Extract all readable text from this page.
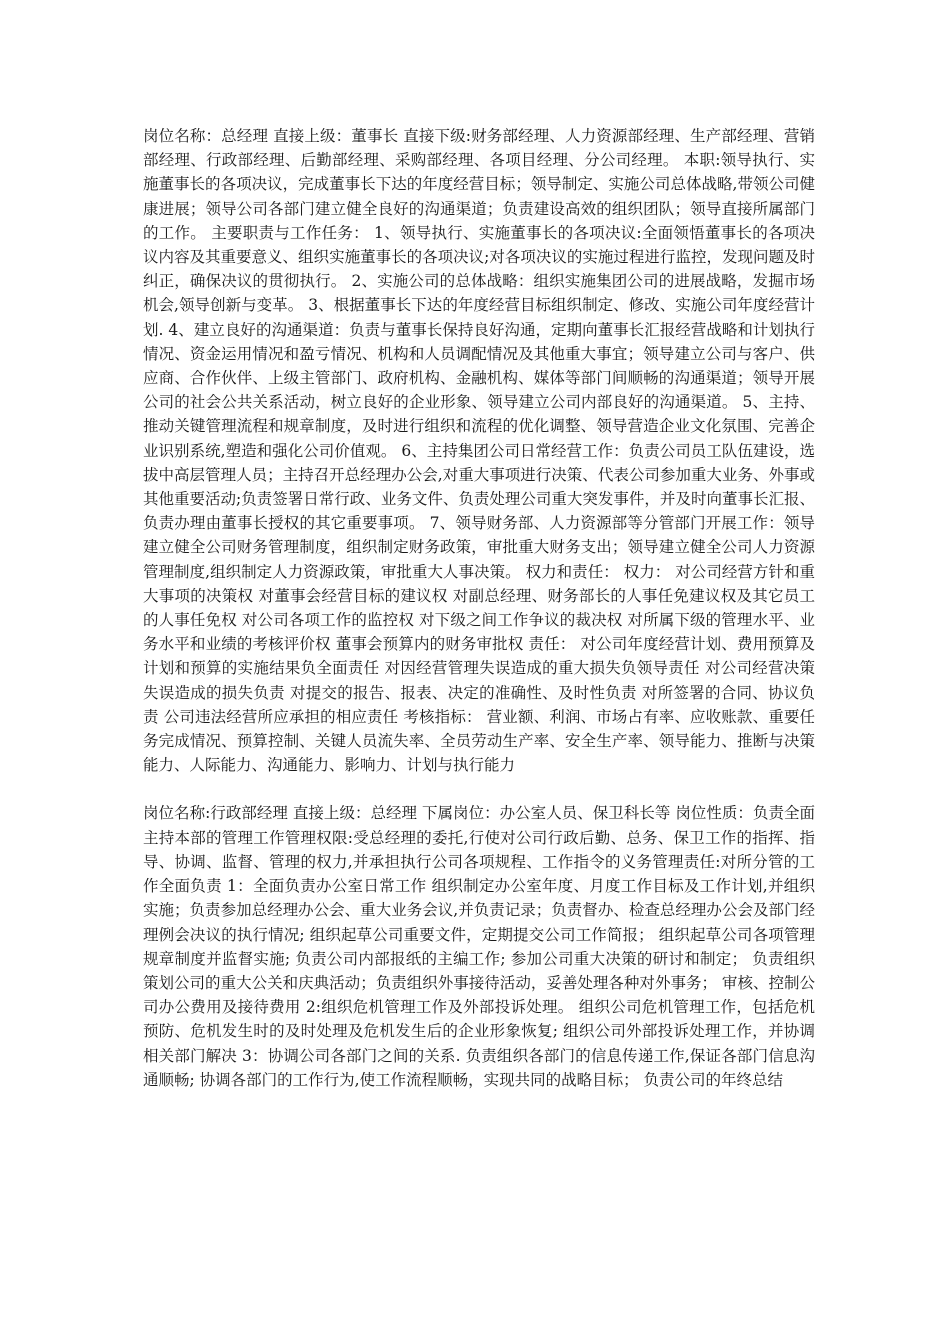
岗位名称：总经理 直接上级：董事长 直接下级:财务部经理、人力资源部经理、生产部经理、营销部经理、行政部经理、后勤部经理、采购部经理、各项目经理、分公司经理。 本职:领导执行、实施董事长的各项决议，完成董事长下达的年度经营目标；领导制定、实施公司总体战略,带领公司健康进展；领导公司各部门建立健全良好的沟通渠道；负责建设高效的组织团队；领导直接所属部门的工作。 主要职责与工作任务： 1、领导执行、实施董事长的各项决议:全面领悟董事长的各项决议内容及其重要意义、组织实施董事长的各项决议;对各项决议的实施过程进行监控，发现问题及时纠正，确保决议的贯彻执行。 2、实施公司的总体战略：组织实施集团公司的进展战略，发掘市场机会,领导创新与变革。 3、根据董事长下达的年度经营目标组织制定、修改、实施公司年度经营计划. 4、建立良好的沟通渠道：负责与董事长保持良好沟通，定期向董事长汇报经营战略和计划执行情况、资金运用情况和盈亏情况、机构和人员调配情况及其他重大事宜；领导建立公司与客户、供应商、合作伙伴、上级主管部门、政府机构、金融机构、媒体等部门间顺畅的沟通渠道；领导开展公司的社会公共关系活动，树立良好的企业形象、领导建立公司内部良好的沟通渠道。 5、主持、推动关键管理流程和规章制度，及时进行组织和流程的优化调整、领导营造企业文化氛围、完善企业识别系统,塑造和强化公司价值观。 6、主持集团公司日常经营工作：负责公司员工队伍建设，选拔中高层管理人员；主持召开总经理办公会,对重大事项进行决策、代表公司参加重大业务、外事或其他重要活动;负责签署日常行政、业务文件、负责处理公司重大突发事件，并及时向董事长汇报、负责办理由董事长授权的其它重要事项。 7、领导财务部、人力资源部等分管部门开展工作：领导建立健全公司财务管理制度，组织制定财务政策，审批重大财务支出；领导建立健全公司人力资源管理制度,组织制定人力资源政策，审批重大人事决策。 权力和责任： 权力： 对公司经营方针和重大事项的决策权 对董事会经营目标的建议权 对副总经理、财务部长的人事任免建议权及其它员工的人事任免权 对公司各项工作的监控权 对下级之间工作争议的裁决权 对所属下级的管理水平、业务水平和业绩的考核评价权 董事会预算内的财务审批权 责任： 对公司年度经营计划、费用预算及计划和预算的实施结果负全面责任 对因经营管理失误造成的重大损失负领导责任 对公司经营决策失误造成的损失负责 对提交的报告、报表、决定的准确性、及时性负责 对所签署的合同、协议负责 公司违法经营所应承担的相应责任 考核指标： 营业额、利润、市场占有率、应收账款、重要任务完成情况、预算控制、关键人员流失率、全员劳动生产率、安全生产率、领导能力、推断与决策能力、人际能力、沟通能力、影响力、计划与执行能力

岗位名称:行政部经理 直接上级：总经理 下属岗位：办公室人员、保卫科长等 岗位性质：负责全面主持本部的管理工作管理权限:受总经理的委托,行使对公司行政后勤、总务、保卫工作的指挥、指导、协调、监督、管理的权力,并承担执行公司各项规程、工作指令的义务管理责任:对所分管的工作全面负责 1：全面负责办公室日常工作 组织制定办公室年度、月度工作目标及工作计划,并组织实施；负责参加总经理办公会、重大业务会议,并负责记录；负责督办、检查总经理办公会及部门经理例会决议的执行情况; 组织起草公司重要文件，定期提交公司工作简报； 组织起草公司各项管理规章制度并监督实施; 负责公司内部报纸的主编工作; 参加公司重大决策的研讨和制定； 负责组织策划公司的重大公关和庆典活动；负责组织外事接待活动，妥善处理各种对外事务； 审核、控制公司办公费用及接待费用 2:组织危机管理工作及外部投诉处理。 组织公司危机管理工作，包括危机预防、危机发生时的及时处理及危机发生后的企业形象恢复; 组织公司外部投诉处理工作，并协调相关部门解决 3：协调公司各部门之间的关系. 负责组织各部门的信息传递工作,保证各部门信息沟通顺畅; 协调各部门的工作行为,使工作流程顺畅，实现共同的战略目标； 负责公司的年终总结
